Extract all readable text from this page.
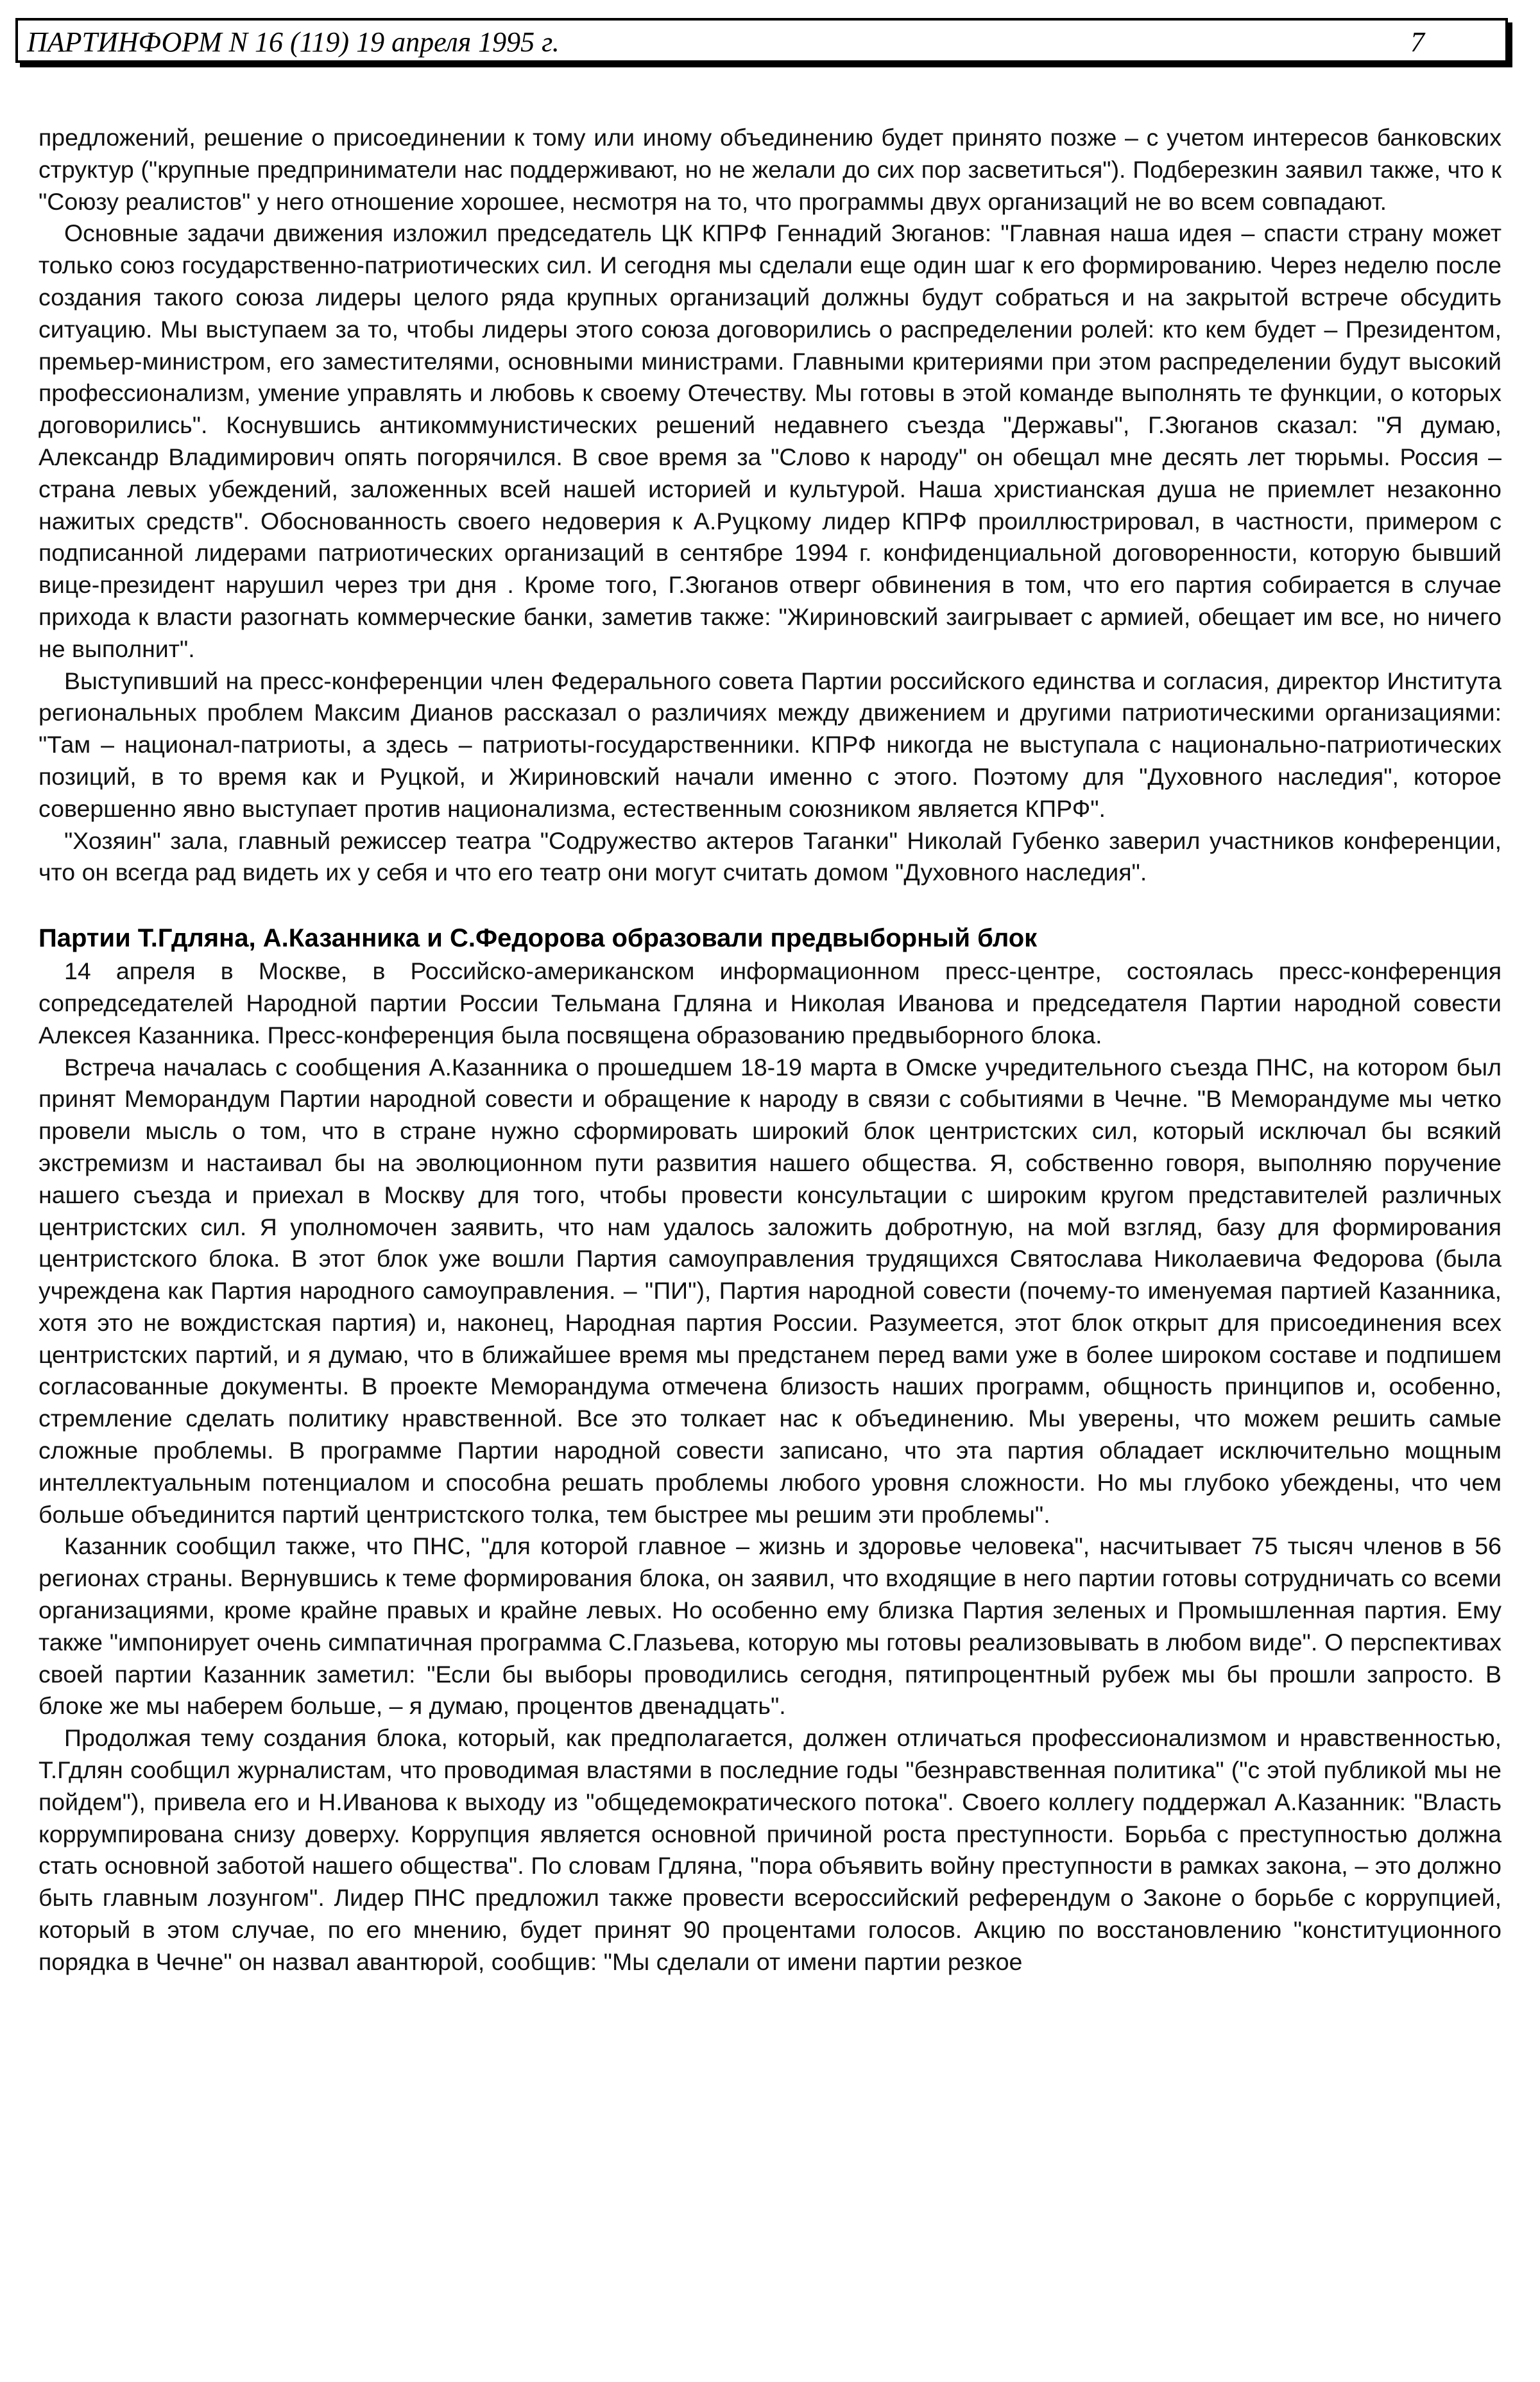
ПАРТИНФОРМ N 16 (119) 19 апреля 1995 г.	7

предложений, решение о присоединении к тому или иному объединению будет принято позже – с учетом интересов банковских структур ("крупные предприниматели нас поддерживают, но не желали до сих пор засветиться"). Подберезкин заявил также, что к "Союзу реалистов" у него отношение хорошее, несмотря на то, что программы двух организаций не во всем совпадают.

Основные задачи движения изложил председатель ЦК КПРФ Геннадий Зюганов: "Главная наша идея – спасти страну может только союз государственно-патриотических сил. И сегодня мы сделали еще один шаг к его формированию. Через неделю после создания такого союза лидеры целого ряда крупных организаций должны будут собраться и на закрытой встрече обсудить ситуацию. Мы выступаем за то, чтобы лидеры этого союза договорились о распределении ролей: кто кем будет – Президентом, премьер-министром, его заместителями, основными министрами. Главными критериями при этом распределении будут высокий профессионализм, умение управлять и любовь к своему Отечеству. Мы готовы в этой команде выполнять те функции, о которых договорились". Коснувшись антикоммунистических решений недавнего съезда "Державы", Г.Зюганов сказал: "Я думаю, Александр Владимирович опять погорячился. В свое время за "Слово к народу" он обещал мне десять лет тюрьмы. Россия – страна левых убеждений, заложенных всей нашей историей и культурой. Наша христианская душа не приемлет незаконно нажитых средств". Обоснованность своего недоверия к А.Руцкому лидер КПРФ проиллюстрировал, в частности, примером с подписанной лидерами патриотических организаций в сентябре 1994 г. конфиденциальной договоренности, которую бывший вице-президент нарушил через три дня . Кроме того, Г.Зюганов отверг обвинения в том, что его партия собирается в случае прихода к власти разогнать коммерческие банки, заметив также: "Жириновский заигрывает с армией, обещает им все, но ничего не выполнит".

Выступивший на пресс-конференции член Федерального совета Партии российского единства и согласия, директор Института региональных проблем Максим Дианов рассказал о различиях между движением и другими патриотическими организациями: "Там – национал-патриоты, а здесь – патриоты-государственники. КПРФ никогда не выступала с национально-патриотических позиций, в то время как и Руцкой, и Жириновский начали именно с этого. Поэтому для "Духовного наследия", которое совершенно явно выступает против национализма, естественным союзником является КПРФ".

"Хозяин" зала, главный режиссер театра "Содружество актеров Таганки" Николай Губенко заверил участников конференции, что он всегда рад видеть их у себя и что его театр они могут считать домом "Духовного наследия".

Партии Т.Гдляна, А.Казанника и С.Федорова образовали предвыборный блок

14 апреля в Москве, в Российско-американском информационном пресс-центре, состоялась пресс-конференция сопредседателей Народной партии России Тельмана Гдляна и Николая Иванова и председателя Партии народной совести Алексея Казанника. Пресс-конференция была посвящена образованию предвыборного блока.

Встреча началась с сообщения А.Казанника о прошедшем 18-19 марта в Омске учредительного съезда ПНС, на котором был принят Меморандум Партии народной совести и обращение к народу в связи с событиями в Чечне. "В Меморандуме мы четко провели мысль о том, что в стране нужно сформировать широкий блок центристских сил, который исключал бы всякий экстремизм и настаивал бы на эволюционном пути развития нашего общества. Я, собственно говоря, выполняю поручение нашего съезда и приехал в Москву для того, чтобы провести консультации с широким кругом представителей различных центристских сил. Я уполномочен заявить, что нам удалось заложить добротную, на мой взгляд, базу для формирования центристского блока. В этот блок уже вошли Партия самоуправления трудящихся Святослава Николаевича Федорова (была учреждена как Партия народного самоуправления. – "ПИ"), Партия народной совести (почему-то именуемая партией Казанника, хотя это не вождистская партия) и, наконец, Народная партия России. Разумеется, этот блок открыт для присоединения всех центристских партий, и я думаю, что в ближайшее время мы предстанем перед вами уже в более широком составе и подпишем согласованные документы. В проекте Меморандума отмечена близость наших программ, общность принципов и, особенно, стремление сделать политику нравственной. Все это толкает нас к объединению. Мы уверены, что можем решить самые сложные проблемы. В программе Партии народной совести записано, что эта партия обладает исключительно мощным интеллектуальным потенциалом и способна решать проблемы любого уровня сложности. Но мы глубоко убеждены, что чем больше объединится партий центристского толка, тем быстрее мы решим эти проблемы".

Казанник сообщил также, что ПНС, "для которой главное – жизнь и здоровье человека", насчитывает 75 тысяч членов в 56 регионах страны. Вернувшись к теме формирования блока, он заявил, что входящие в него партии готовы сотрудничать со всеми организациями, кроме крайне правых и крайне левых. Но особенно ему близка Партия зеленых и Промышленная партия. Ему также "импонирует очень симпатичная программа С.Глазьева, которую мы готовы реализовывать в любом виде". О перспективах своей партии Казанник заметил: "Если бы выборы проводились сегодня, пятипроцентный рубеж мы бы прошли запросто. В блоке же мы наберем больше, – я думаю, процентов двенадцать".

Продолжая тему создания блока, который, как предполагается, должен отличаться профессионализмом и нравственностью, Т.Гдлян сообщил журналистам, что проводимая властями в последние годы "безнравственная политика" ("с этой публикой мы не пойдем"), привела его и Н.Иванова к выходу из "общедемократического потока". Своего коллегу поддержал А.Казанник: "Власть коррумпирована снизу доверху. Коррупция является основной причиной роста преступности. Борьба с преступностью должна стать основной заботой нашего общества". По словам Гдляна, "пора объявить войну преступности в рамках закона, – это должно быть главным лозунгом". Лидер ПНС предложил также провести всероссийский референдум о Законе о борьбе с коррупцией, который в этом случае, по его мнению, будет принят 90 процентами голосов. Акцию по восстановлению "конституционного порядка в Чечне" он назвал авантюрой, сообщив: "Мы сделали от имени партии резкое
